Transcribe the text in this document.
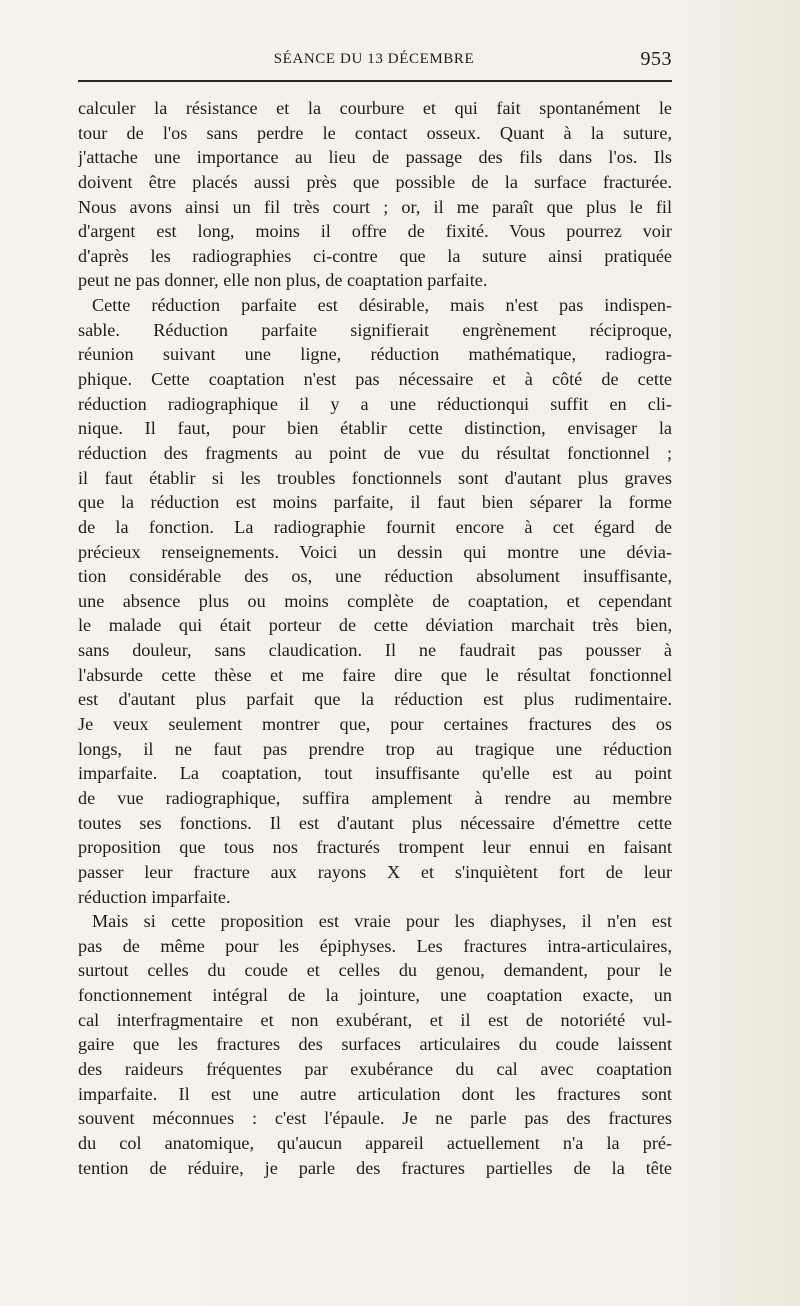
SÉANCE DU 13 DÉCEMBRE	953
calculer la résistance et la courbure et qui fait spontanément le
tour de l'os sans perdre le contact osseux. Quant à la suture,
j'attache une importance au lieu de passage des fils dans l'os. Ils
doivent être placés aussi près que possible de la surface fracturée.
Nous avons ainsi un fil très court ; or, il me paraît que plus le fil
d'argent est long, moins il offre de fixité. Vous pourrez voir
d'après les radiographies ci-contre que la suture ainsi pratiquée
peut ne pas donner, elle non plus, de coaptation parfaite.
Cette réduction parfaite est désirable, mais n'est pas indispen-
sable. Réduction parfaite signifierait engrènement réciproque,
réunion suivant une ligne, réduction mathématique, radiogra-
phique. Cette coaptation n'est pas nécessaire et à côté de cette
réduction radiographique il y a une réductionqui suffit en cli-
nique. Il faut, pour bien établir cette distinction, envisager la
réduction des fragments au point de vue du résultat fonctionnel ;
il faut établir si les troubles fonctionnels sont d'autant plus graves
que la réduction est moins parfaite, il faut bien séparer la forme
de la fonction. La radiographie fournit encore à cet égard de
précieux renseignements. Voici un dessin qui montre une dévia-
tion considérable des os, une réduction absolument insuffisante,
une absence plus ou moins complète de coaptation, et cependant
le malade qui était porteur de cette déviation marchait très bien,
sans douleur, sans claudication. Il ne faudrait pas pousser à
l'absurde cette thèse et me faire dire que le résultat fonctionnel
est d'autant plus parfait que la réduction est plus rudimentaire.
Je veux seulement montrer que, pour certaines fractures des os
longs, il ne faut pas prendre trop au tragique une réduction
imparfaite. La coaptation, tout insuffisante qu'elle est au point
de vue radiographique, suffira amplement à rendre au membre
toutes ses fonctions. Il est d'autant plus nécessaire d'émettre cette
proposition que tous nos fracturés trompent leur ennui en faisant
passer leur fracture aux rayons X et s'inquiètent fort de leur
réduction imparfaite.
Mais si cette proposition est vraie pour les diaphyses, il n'en est
pas de même pour les épiphyses. Les fractures intra-articulaires,
surtout celles du coude et celles du genou, demandent, pour le
fonctionnement intégral de la jointure, une coaptation exacte, un
cal interfragmentaire et non exubérant, et il est de notoriété vul-
gaire que les fractures des surfaces articulaires du coude laissent
des raideurs fréquentes par exubérance du cal avec coaptation
imparfaite. Il est une autre articulation dont les fractures sont
souvent méconnues : c'est l'épaule. Je ne parle pas des fractures
du col anatomique, qu'aucun appareil actuellement n'a la pré-
tention de réduire, je parle des fractures partielles de la tête
